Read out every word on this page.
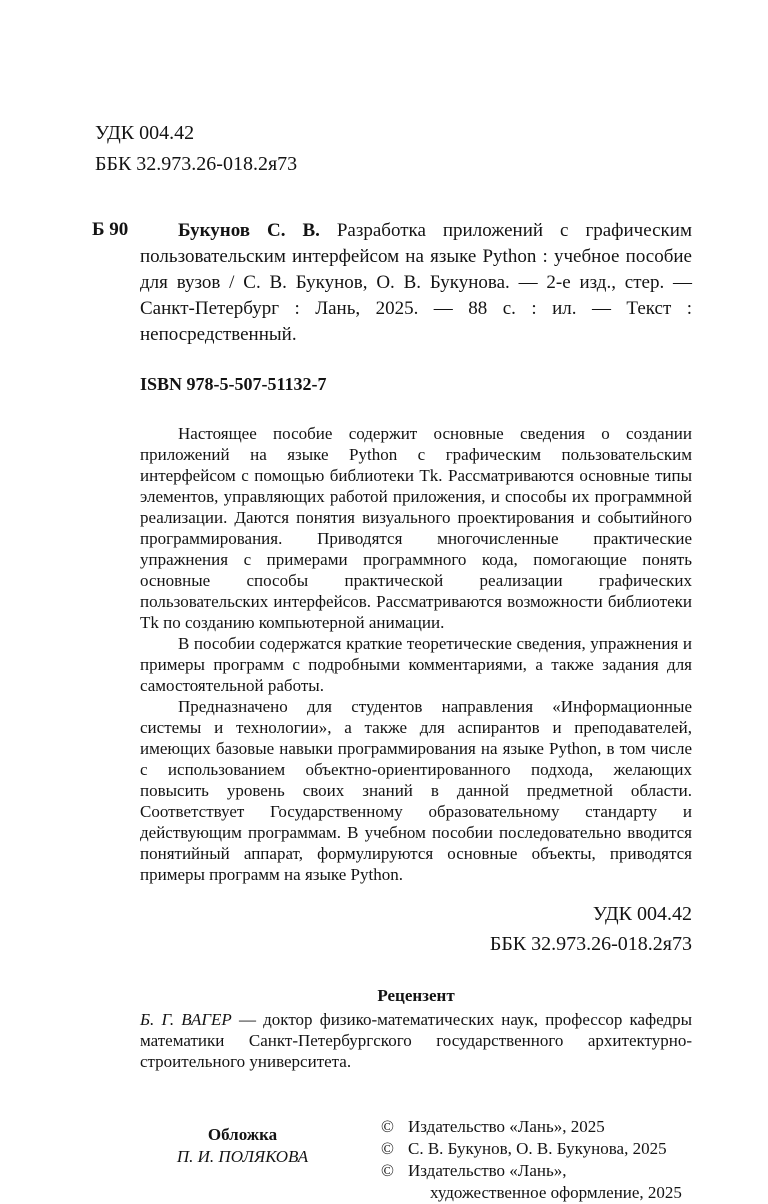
УДК 004.42
ББК 32.973.26-018.2я73
Б 90	Букунов С. В. Разработка приложений с графическим пользовательским интерфейсом на языке Python : учебное пособие для вузов / С. В. Букунов, О. В. Букунова. — 2-е изд., стер. — Санкт-Петербург : Лань, 2025. — 88 с. : ил. — Текст : непосредственный.

ISBN 978-5-507-51132-7

Настоящее пособие содержит основные сведения о создании приложений на языке Python с графическим пользовательским интерфейсом с помощью библиотеки Tk. Рассматриваются основные типы элементов, управляющих работой приложения, и способы их программной реализации. Даются понятия визуального проектирования и событийного программирования. Приводятся многочисленные практические упражнения с примерами программного кода, помогающие понять основные способы практической реализации графических пользовательских интерфейсов. Рассматриваются возможности библиотеки Tk по созданию компьютерной анимации.

В пособии содержатся краткие теоретические сведения, упражнения и примеры программ с подробными комментариями, а также задания для самостоятельной работы.

Предназначено для студентов направления «Информационные системы и технологии», а также для аспирантов и преподавателей, имеющих базовые навыки программирования на языке Python, в том числе с использованием объектно-ориентированного подхода, желающих повысить уровень своих знаний в данной предметной области. Соответствует Государственному образовательному стандарту и действующим программам. В учебном пособии последовательно вводится понятийный аппарат, формулируются основные объекты, приводятся примеры программ на языке Python.

УДК 004.42
ББК 32.973.26-018.2я73

Рецензент

Б. Г. ВАГЕР — доктор физико-математических наук, профессор кафедры математики Санкт-Петербургского государственного архитектурно-строительного университета.

Обложка
П. И. ПОЛЯКОВА
© Издательство «Лань», 2025
© С. В. Букунов, О. В. Букунова, 2025
© Издательство «Лань»,
художественное оформление, 2025
